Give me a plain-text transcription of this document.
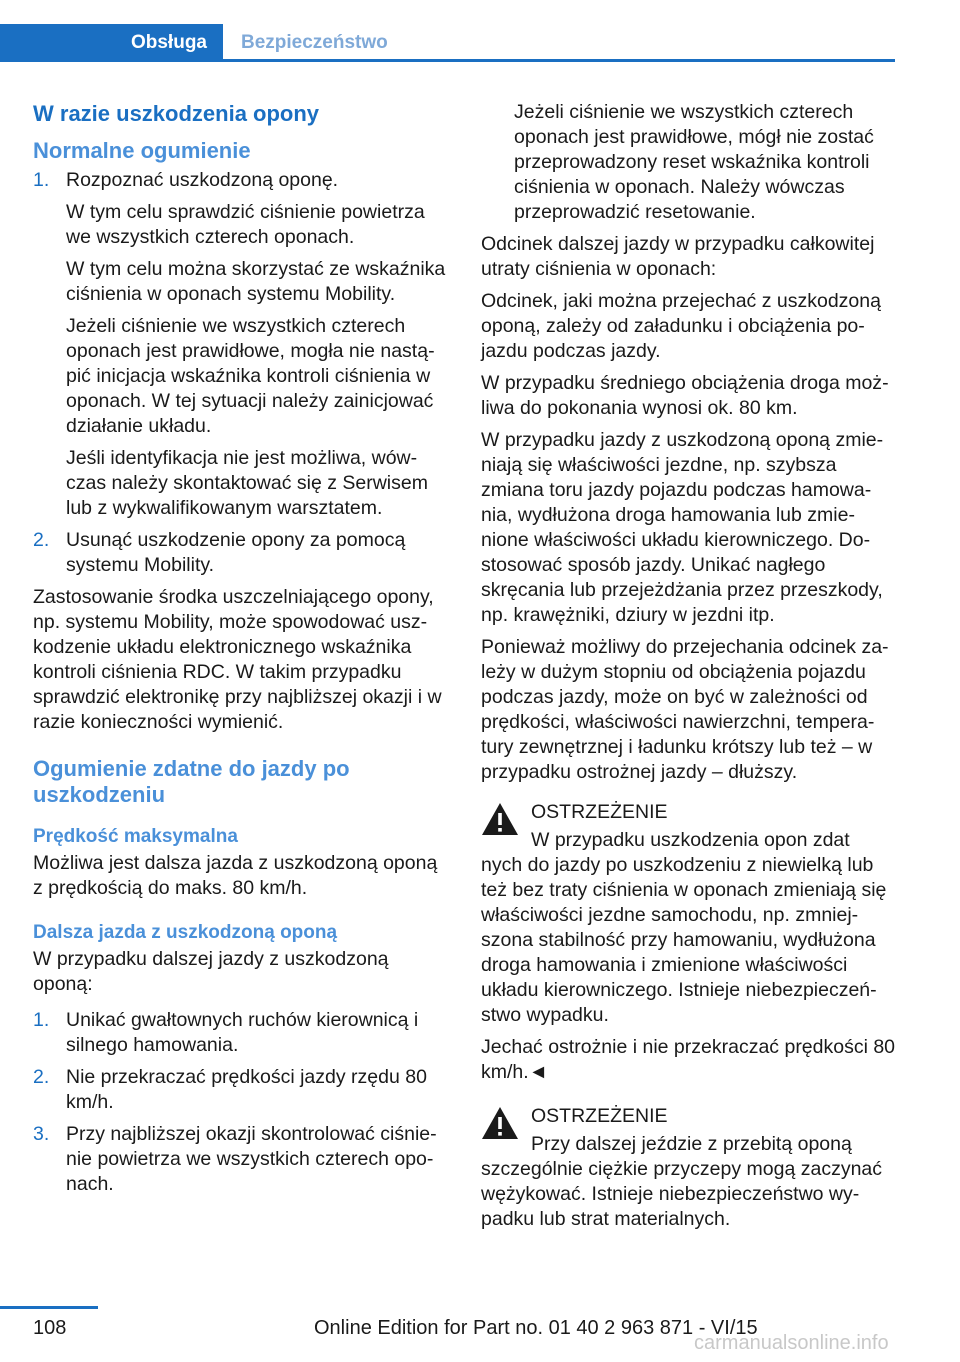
Obsługa	Bezpieczeństwo
W razie uszkodzenia opony
Normalne ogumienie
1. Rozpoznać uszkodzoną oponę.

W tym celu sprawdzić ciśnienie powietrza we wszystkich czterech oponach.

W tym celu można skorzystać ze wskaźnika ciśnienia w oponach systemu Mobility.

Jeżeli ciśnienie we wszystkich czterech oponach jest prawidłowe, mogła nie nastąpić inicjacja wskaźnika kontroli ciśnienia w oponach. W tej sytuacji należy zainicjować działanie układu.

Jeśli identyfikacja nie jest możliwa, wówczas należy skontaktować się z Serwisem lub z wykwalifikowanym warsztatem.

2. Usunąć uszkodzenie opony za pomocą systemu Mobility.

Zastosowanie środka uszczelniającego opony, np. systemu Mobility, może spowodować uszkodzenie układu elektronicznego wskaźnika kontroli ciśnienia RDC. W takim przypadku sprawdzić elektronikę przy najbliższej okazji i w razie konieczności wymienić.

Ogumienie zdatne do jazdy po uszkodzeniu
Prędkość maksymalna

Możliwa jest dalsza jazda z uszkodzoną oponą z prędkością do maks. 80 km/h.

Dalsza jazda z uszkodzoną oponą

W przypadku dalszej jazdy z uszkodzoną oponą:

1. Unikać gwałtownych ruchów kierownicą i silnego hamowania.
2. Nie przekraczać prędkości jazdy rzędu 80 km/h.
3. Przy najbliższej okazji skontrolować ciśnienie powietrza we wszystkich czterech oponach.

Jeżeli ciśnienie we wszystkich czterech oponach jest prawidłowe, mógł nie zostać przeprowadzony reset wskaźnika kontroli ciśnienia w oponach. Należy wówczas przeprowadzić resetowanie.

Odcinek dalszej jazdy w przypadku całkowitej utraty ciśnienia w oponach:

Odcinek, jaki można przejechać z uszkodzoną oponą, zależy od załadunku i obciążenia pojazdu podczas jazdy.

W przypadku średniego obciążenia droga możliwa do pokonania wynosi ok. 80 km.

W przypadku jazdy z uszkodzoną oponą zmieniają się właściwości jezdne, np. szybsza zmiana toru jazdy pojazdu podczas hamowania, wydłużona droga hamowania lub zmienione właściwości układu kierowniczego. Dostosować sposób jazdy. Unikać nagłego skręcania lub przejeżdżania przez przeszkody, np. krawężniki, dziury w jezdni itp.

Ponieważ możliwy do przejechania odcinek zależy w dużym stopniu od obciążenia pojazdu podczas jazdy, może on być w zależności od prędkości, właściwości nawierzchni, temperatury zewnętrznej i ładunku krótszy lub też – w przypadku ostrożnej jazdy – dłuższy.

OSTRZEŻENIE
W przypadku uszkodzenia opon zdat
nych do jazdy po uszkodzeniu z niewielką lub też bez traty ciśnienia w oponach zmieniają się właściwości jezdne samochodu, np. zmniejszona stabilność przy hamowaniu, wydłużona droga hamowania i zmienione właściwości układu kierowniczego. Istnieje niebezpieczeństwo wypadku.

Jechać ostrożnie i nie przekraczać prędkości 80 km/h.◄

OSTRZEŻENIE
Przy dalszej jeździe z przebitą oponą
szczególnie ciężkie przyczepy mogą zaczynać wężykować. Istnieje niebezpieczeństwo wypadku lub strat materialnych.
108	Online Edition for Part no. 01 40 2 963 871 - VI/15
carmanualsonline.info
